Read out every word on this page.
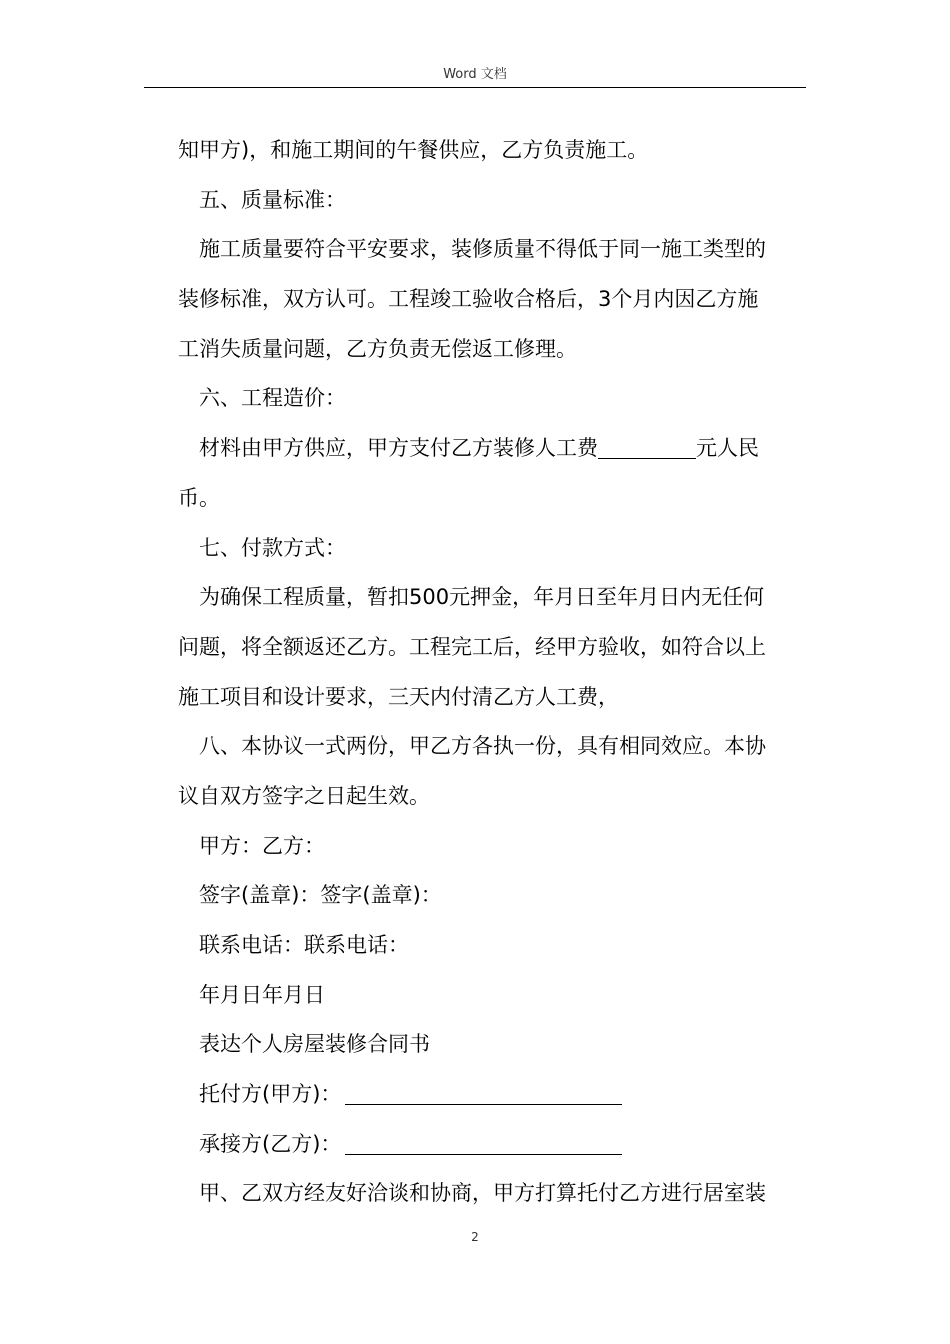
Word 文档
知甲方)，和施工期间的午餐供应，乙方负责施工。
五、质量标准：
施工质量要符合平安要求，装修质量不得低于同一施工类型的
装修标准，双方认可。工程竣工验收合格后，3个月内因乙方施
工消失质量问题，乙方负责无偿返工修理。
六、工程造价：
材料由甲方供应，甲方支付乙方装修人工费	元人民
币。
七、付款方式：
为确保工程质量，暂扣500元押金，年月日至年月日内无任何
问题，将全额返还乙方。工程完工后，经甲方验收，如符合以上
施工项目和设计要求，三天内付清乙方人工费，
八、本协议一式两份，甲乙方各执一份，具有相同效应。本协
议自双方签字之日起生效。
甲方：乙方：
签字(盖章)：签字(盖章)：
联系电话：联系电话：
年月日年月日
表达个人房屋装修合同书
托付方(甲方)：
承接方(乙方)：
甲、乙双方经友好洽谈和协商，甲方打算托付乙方进行居室装
2
